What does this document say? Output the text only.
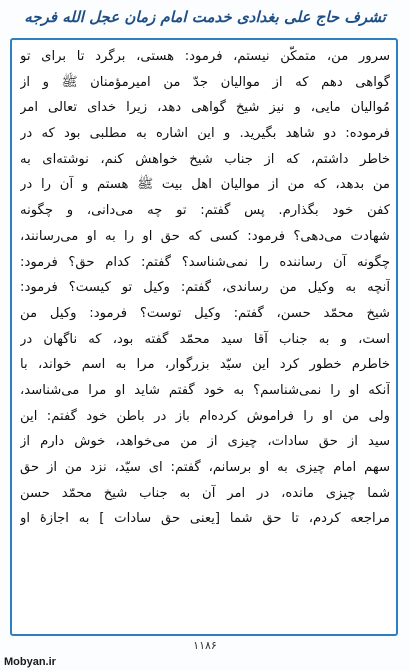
تشرف حاج علی بغدادی خدمت امام زمان عجل الله فرجه
سرور من، متمکّن نیستم، فرمود: هستی، برگرد تا برای تو
گواهی دهم که از موالیان جدّ من امیرمؤمنان ﷺ و از
مُوالیان مایی، و نیز شیخ گواهی دهد، زیرا خدای تعالی امر
فرموده: دو شاهد بگیرید. و این اشاره به مطلبی بود که در
خاطر داشتم، که از جناب شیخ خواهش کنم، نوشته‌ای به
من بدهد، که من از موالیان اهل بیت ﷺ هستم و آن را در
کفن خود بگذارم. پس گفتم: تو چه می‌دانی، و چگونه
شهادت می‌دهی؟ فرمود: کسی که حق او را به او می‌رسانند،
چگونه آن رساننده را نمی‌شناسد؟ گفتم: کدام حق؟ فرمود:
آنچه به وکیل من رساندی، گفتم: وکیل تو کیست؟ فرمود:
شیخ محمّد حسن، گفتم: وکیل توست؟ فرمود: وکیل من
است، و به جناب آقا سید محمّد گفته بود، که ناگهان در
خاطرم خطور کرد این سیّد بزرگوار، مرا به اسم خواند، با
آنکه او را نمی‌شناسم؟ به خود گفتم شاید او مرا می‌شناسد،
ولی من او را فراموش کرده‌ام باز در باطن خود گفتم: این
سید از حق سادات، چیزی از من می‌خواهد، خوش دارم از
سهم امام چیزی به او برسانم، گفتم: ای سیّد، نزد من از حق
شما چیزی مانده، در امر آن به جناب شیخ محمّد حسن
مراجعه کردم، تا حق شما [یعنی حق سادات ] به اجازهٔ او
۱۱۸۶
Mobyan.ir
